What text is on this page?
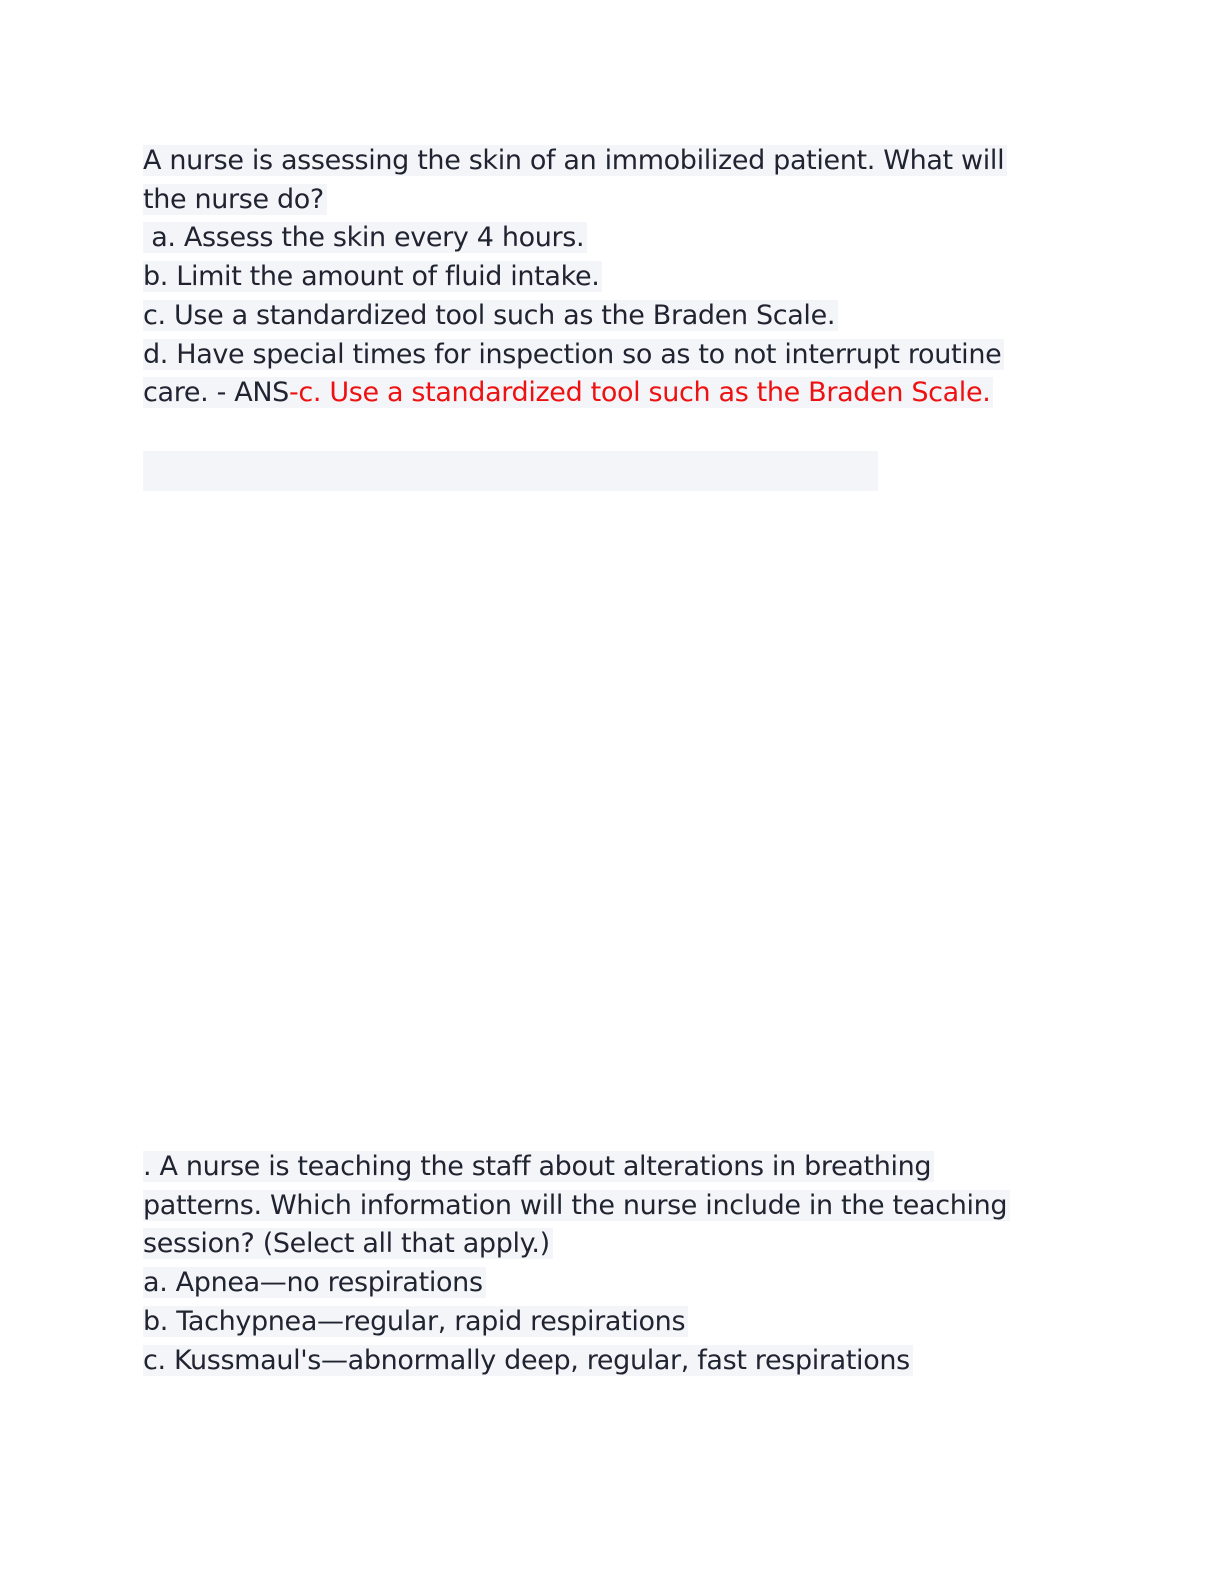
A nurse is assessing the skin of an immobilized patient. What will
the nurse do?
a. Assess the skin every 4 hours.
b. Limit the amount of fluid intake.
c. Use a standardized tool such as the Braden Scale.
d. Have special times for inspection so as to not interrupt routine
care. - ANS-c. Use a standardized tool such as the Braden Scale.
. A nurse is teaching the staff about alterations in breathing
patterns. Which information will the nurse include in the teaching
session? (Select all that apply.)
a. Apnea—no respirations
b. Tachypnea—regular, rapid respirations
c. Kussmaul's—abnormally deep, regular, fast respirations
